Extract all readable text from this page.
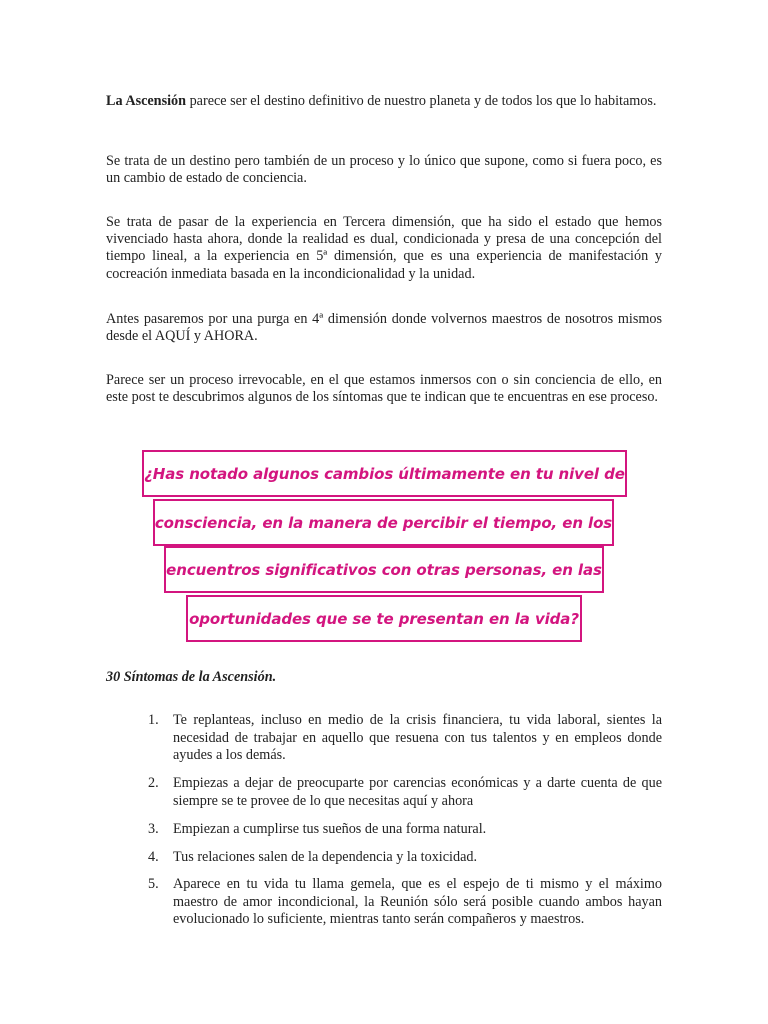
La Ascensión parece ser el destino definitivo de nuestro planeta y de todos los que lo habitamos.

Se trata de un destino pero también de un proceso y lo único que supone, como si fuera poco, es un cambio de estado de conciencia.

Se trata de pasar de la experiencia en Tercera dimensión, que ha sido el estado que hemos vivenciado hasta ahora, donde la realidad es dual, condicionada y presa de una concepción del tiempo lineal, a la experiencia en 5ª dimensión, que es una experiencia de manifestación y cocreación inmediata basada en la incondicionalidad y la unidad.

Antes pasaremos por una purga en 4ª dimensión donde volvernos maestros de nosotros mismos desde el AQUÍ y AHORA.

Parece ser un proceso irrevocable, en el que estamos inmersos con o sin conciencia de ello, en este post te descubrimos algunos de los síntomas que te indican que te encuentras en ese proceso.

¿Has notado algunos cambios últimamente en tu nivel de
consciencia, en la manera de percibir el tiempo, en los
encuentros significativos con otras personas, en las
oportunidades que se te presentan en la vida?

30 Síntomas de la Ascensión.

1. Te replanteas, incluso en medio de la crisis financiera, tu vida laboral, sientes la necesidad de trabajar en aquello que resuena con tus talentos y en empleos donde ayudes a los demás.
2. Empiezas a dejar de preocuparte por carencias económicas y a darte cuenta de que siempre se te provee de lo que necesitas aquí y ahora
3. Empiezan a cumplirse tus sueños de una forma natural.
4. Tus relaciones salen de la dependencia y la toxicidad.
5. Aparece en tu vida tu llama gemela, que es el espejo de ti mismo y el máximo maestro de amor incondicional, la Reunión sólo será posible cuando ambos hayan evolucionado lo suficiente, mientras tanto serán compañeros y maestros.
